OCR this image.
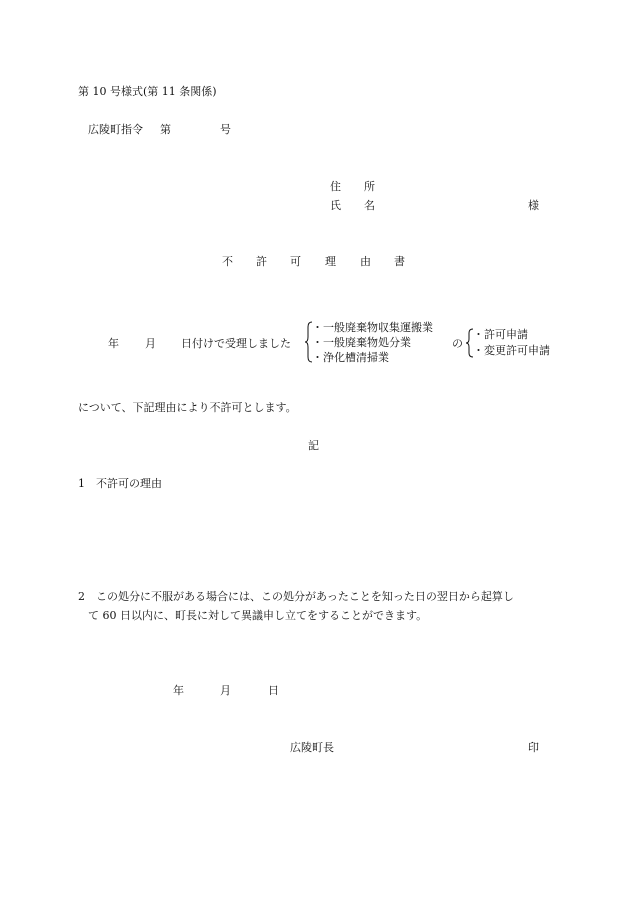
第 10 号様式(第 11 条関係)
広陵町指令 第	号
住　所
氏　名	様
不 許 可 理 由 書
年 月 日付けで受理しました
・一般廃棄物収集運搬業
・一般廃棄物処分業
・浄化槽清掃業
の
・許可申請
・変更許可申請
について、下記理由により不許可とします。
記
1　不許可の理由
2　この処分に不服がある場合には、この処分があったことを知った日の翌日から起算し
て 60 日以内に、町長に対して異議申し立てをすることができます。
年	月	日
広陵町長	印
